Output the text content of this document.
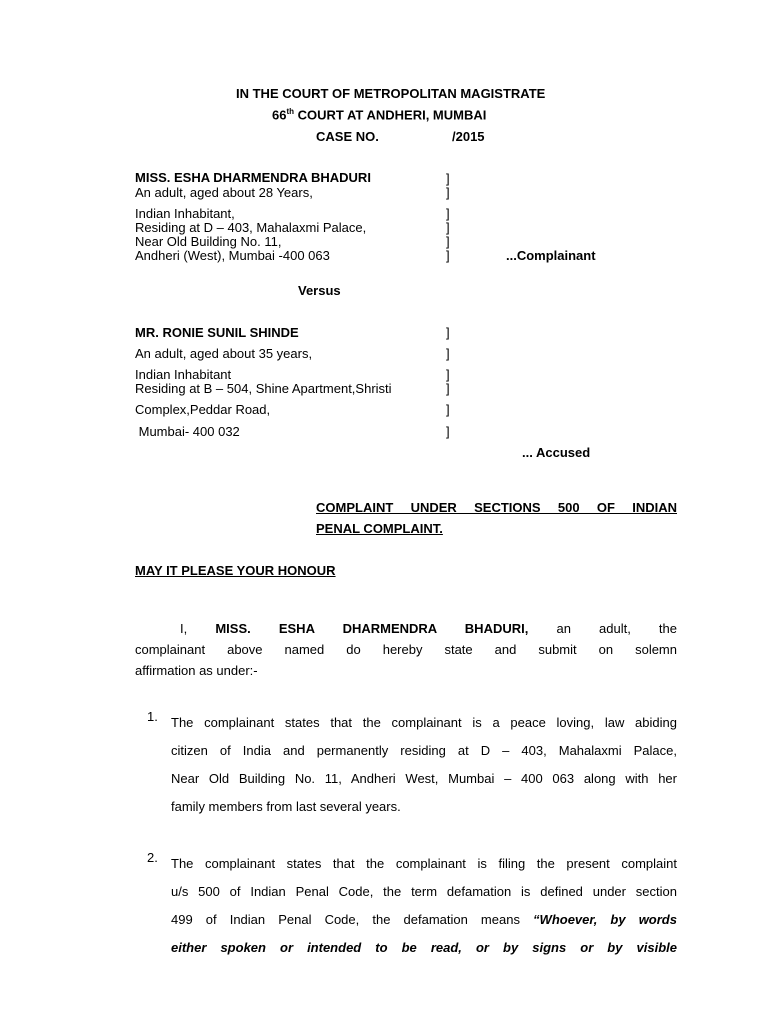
IN THE COURT OF METROPOLITAN MAGISTRATE
66th COURT AT ANDHERI, MUMBAI
CASE NO.	/2015
MISS. ESHA DHARMENDRA BHADURI
An adult, aged about 28 Years,
Indian Inhabitant,
Residing at D – 403, Mahalaxmi Palace,
Near Old Building No. 11,
Andheri (West), Mumbai -400 063
]
]
]
]
]
]	...Complainant
Versus
MR. RONIE SUNIL SHINDE
An adult, aged about 35 years,
Indian Inhabitant
Residing at B – 504, Shine Apartment,Shristi
Complex,Peddar Road,
Mumbai- 400 032
]
]
]
]
]
]
... Accused
COMPLAINT UNDER SECTIONS 500 OF INDIAN
PENAL COMPLAINT.
MAY IT PLEASE YOUR HONOUR
I, MISS. ESHA DHARMENDRA BHADURI, an adult, the
complainant above named do hereby state and submit on solemn
affirmation as under:-
1. The complainant states that the complainant is a peace loving, law abiding
citizen of India and permanently residing at D – 403, Mahalaxmi Palace,
Near Old Building No. 11, Andheri West, Mumbai – 400 063 along with her
family members from last several years.
2. The complainant states that the complainant is filing the present complaint
u/s 500 of Indian Penal Code, the term defamation is defined under section
499 of Indian Penal Code, the defamation means “Whoever, by words
either spoken or intended to be read, or by signs or by visible
